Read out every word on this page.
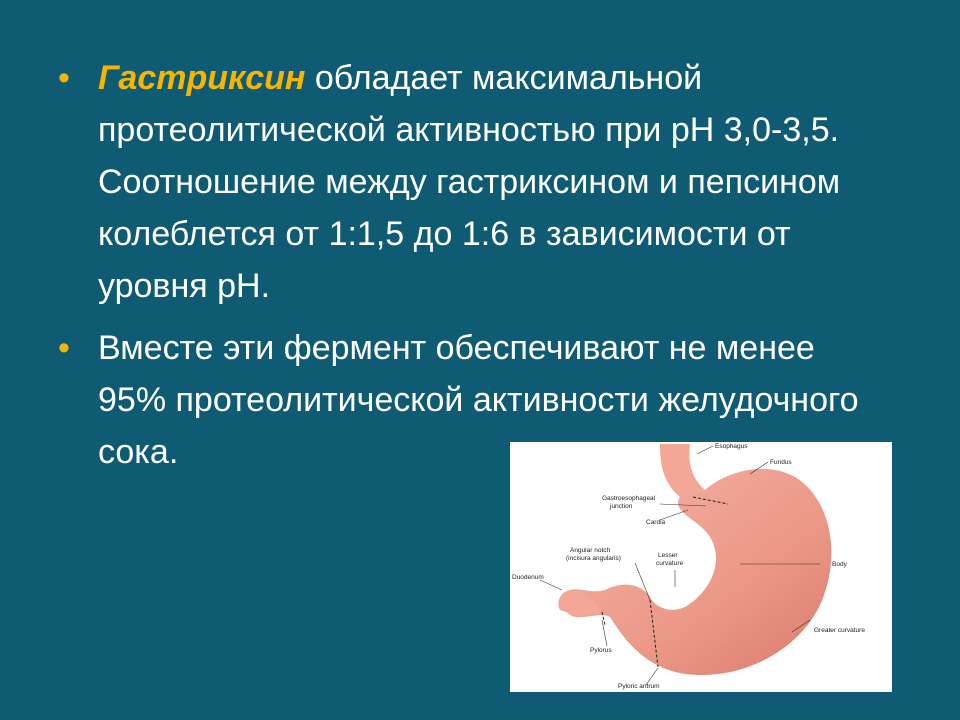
• Гастриксин обладает максимальной протеолитической активностью при pH 3,0-3,5. Соотношение между гастриксином и пепсином колеблется от 1:1,5 до 1:6 в зависимости от уровня pH.
• Вместе эти фермент обеспечивают не менее 95% протеолитической активности желудочного сока.	Esophagus
Fundus
Gastroesophageal
junction
Cardia
Angular notch
(incisura angularis)	Lesser
curvature
Duodenum
Body
Greater curvature
Pylorus
Pyloric antrum
